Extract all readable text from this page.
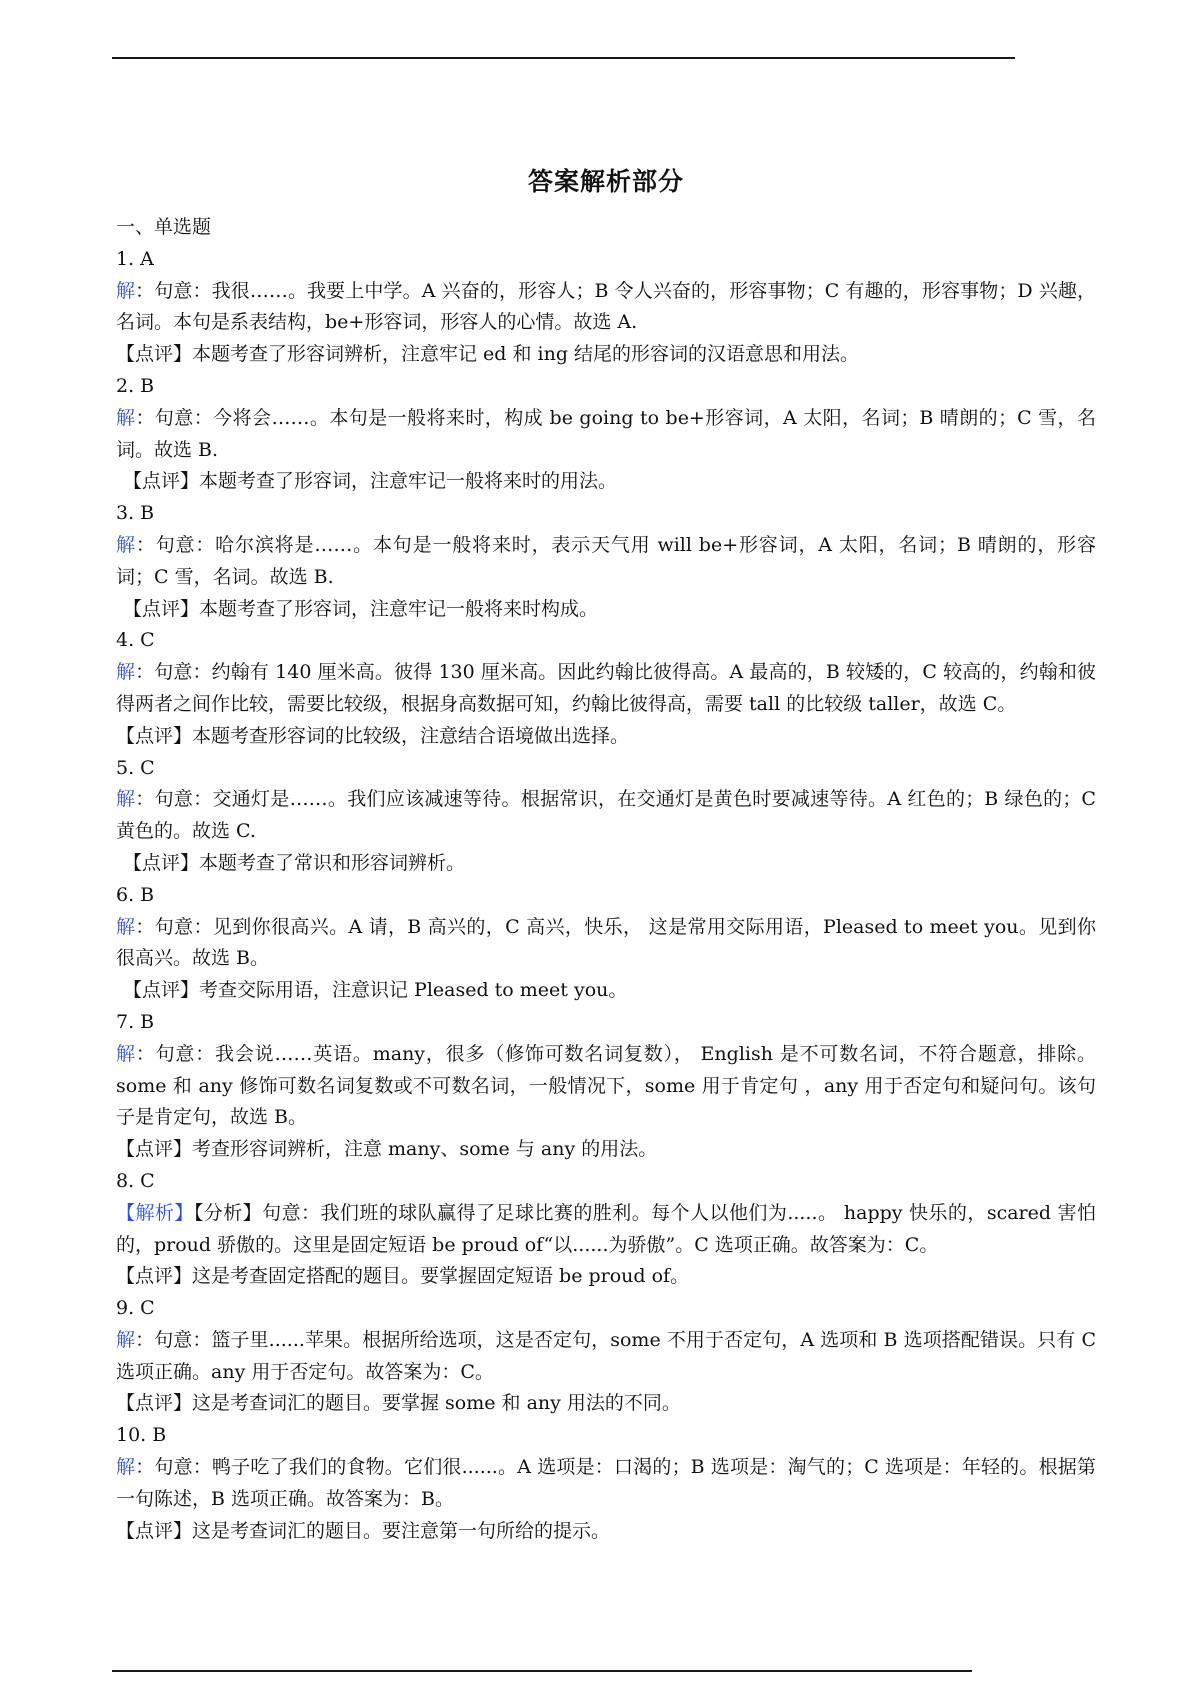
答案解析部分
一、单选题
1. A
解：句意：我很……。我要上中学。A 兴奋的，形容人；B 令人兴奋的，形容事物；C 有趣的，形容事物；D 兴趣，名词。本句是系表结构，be+形容词，形容人的心情。故选 A.
【点评】本题考查了形容词辨析，注意牢记 ed 和 ing 结尾的形容词的汉语意思和用法。
2. B
解：句意：今将会……。本句是一般将来时，构成 be going to be+形容词，A 太阳，名词；B 晴朗的；C 雪，名词。故选 B.
【点评】本题考查了形容词，注意牢记一般将来时的用法。
3. B
解：句意：哈尔滨将是……。本句是一般将来时，表示天气用 will be+形容词，A 太阳，名词；B 晴朗的，形容词；C 雪，名词。故选 B.
【点评】本题考查了形容词，注意牢记一般将来时构成。
4. C
解：句意：约翰有 140 厘米高。彼得 130 厘米高。因此约翰比彼得高。A 最高的，B 较矮的，C 较高的，约翰和彼得两者之间作比较，需要比较级，根据身高数据可知，约翰比彼得高，需要 tall 的比较级 taller，故选 C。
【点评】本题考查形容词的比较级，注意结合语境做出选择。
5. C
解：句意：交通灯是……。我们应该减速等待。根据常识，在交通灯是黄色时要减速等待。A 红色的；B 绿色的；C 黄色的。故选 C.
【点评】本题考查了常识和形容词辨析。
6. B
解：句意：见到你很高兴。A 请，B 高兴的，C 高兴，快乐， 这是常用交际用语，Pleased to meet you。见到你很高兴。故选 B。
【点评】考查交际用语，注意识记 Pleased to meet you。
7. B
解：句意：我会说……英语。many，很多（修饰可数名词复数）， English 是不可数名词，不符合题意，排除。some 和 any 修饰可数名词复数或不可数名词，一般情况下，some 用于肯定句 ，any 用于否定句和疑问句。该句子是肯定句，故选 B。
【点评】考查形容词辨析，注意 many、some 与 any 的用法。
8. C
【解析】【分析】句意：我们班的球队赢得了足球比赛的胜利。每个人以他们为.....。 happy 快乐的，scared 害怕的，proud 骄傲的。这里是固定短语 be proud of“以......为骄傲”。C 选项正确。故答案为：C。
【点评】这是考查固定搭配的题目。要掌握固定短语 be proud of。
9. C
解：句意：篮子里......苹果。根据所给选项，这是否定句，some 不用于否定句，A 选项和 B 选项搭配错误。只有 C 选项正确。any 用于否定句。故答案为：C。
【点评】这是考查词汇的题目。要掌握 some 和 any 用法的不同。
10. B
解：句意：鸭子吃了我们的食物。它们很......。A 选项是：口渴的；B 选项是：淘气的；C 选项是：年轻的。根据第一句陈述，B 选项正确。故答案为：B。
【点评】这是考查词汇的题目。要注意第一句所给的提示。
